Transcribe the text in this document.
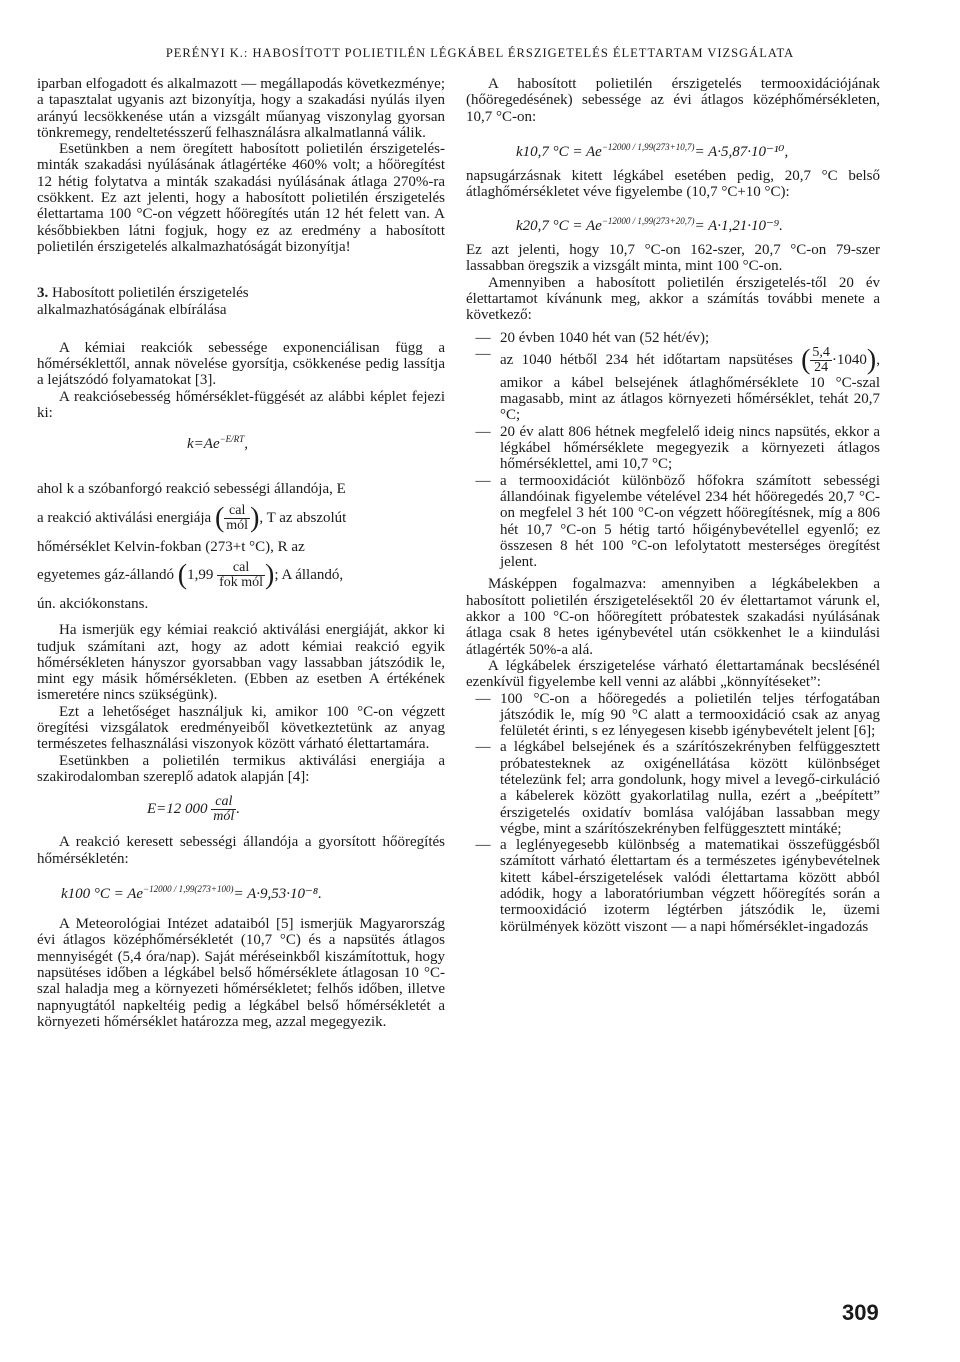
PERÉNYI K.: HABOSÍTOTT POLIETILÉN LÉGKÁBEL ÉRSZIGETELÉS ÉLETTARTAM VIZSGÁLATA

iparban elfogadott és alkalmazott — megállapodás következménye; a tapasztalat ugyanis azt bizonyítja, hogy a szakadási nyúlás ilyen arányú lecsökkenése után a vizsgált műanyag viszonylag gyorsan tönkremegy, rendeltetésszerű felhasználásra alkalmatlanná válik.

Esetünkben a nem öregített habosított polietilén érszigetelés-minták szakadási nyúlásának átlagértéke 460% volt; a hőöregítést 12 hétig folytatva a minták szakadási nyúlásának átlaga 270%-ra csökkent. Ez azt jelenti, hogy a habosított polietilén érszigetelés élettartama 100 °C-on végzett hőöregítés után 12 hét felett van. A későbbiekben látni fogjuk, hogy ez az eredmény a habosított polietilén érszigetelés alkalmazhatóságát bizonyítja!

3. Habosított polietilén érszigetelés
alkalmazhatóságának elbírálása

A kémiai reakciók sebessége exponenciálisan függ a hőmérséklettől, annak növelése gyorsítja, csökkenése pedig lassítja a lejátszódó folyamatokat [3].

A reakciósebesség hőmérséklet-függését az alábbi képlet fejezi ki:

$k=Ae^{-E/RT}$,

ahol k a szóbanforgó reakció sebességi állandója, E

a reakció aktiválási energiája ( $\frac{\text{cal}}{\text{mól}}$ ), T az abszolút

hőmérséklet Kelvin-fokban (273+t °C), R az

egyetemes gáz-állandó ($1,99 \frac{\text{cal}}{\text{fok mól}}$ ); A állandó,

ún. akciókonstans.

Ha ismerjük egy kémiai reakció aktiválási energiáját, akkor ki tudjuk számítani azt, hogy az adott kémiai reakció egyik hőmérsékleten hányszor gyorsabban vagy lassabban játszódik le, mint egy másik hőmérsékleten. (Ebben az esetben A értékének ismeretére nincs szükségünk).

Ezt a lehetőséget használjuk ki, amikor 100 °C-on végzett öregítési vizsgálatok eredményeiből következtetünk az anyag természetes felhasználási viszonyok között várható élettartamára.

Esetünkben a polietilén termikus aktiválási energiája a szakirodalomban szereplő adatok alapján [4]:

E=12 $000 \frac{\text{cal}}{\text{mól}}$ .

A reakció keresett sebességi állandója a gyorsított hőöregítés hőmérsékletén:

k100 $^\circ C = Ae^{-12000 / 1,99(273+100)}= A\cdot 9,53\cdot 10^{-8}$.

A Meteorológiai Intézet adataiból [5] ismerjük Magyarország évi átlagos középhőmérsékletét (10,7 °C) és a napsütés átlagos mennyiségét (5,4 óra/nap). Saját méréseinkből kiszámítottuk, hogy napsütéses időben a légkábel belső hőmérséklete átlagosan 10 °C-szal haladja meg a környezeti hőmérsékletet; felhős időben, illetve napnyugtától napkeltéig pedig a légkábel belső hőmérsékletét a környezeti hőmérséklet határozza meg, azzal megegyezik.

A habosított polietilén érszigetelés termooxidációjának (hőöregedésének) sebessége az évi átlagos középhőmérsékleten, 10,7 °C-on:

k10,7 $^\circ C = Ae^{-12000 / 1,99(273+10,7)}= A\cdot 5,87\cdot 10^{-10}$,

napsugárzásnak kitett légkábel esetében pedig, 20,7 °C belső átlaghőmérsékletet véve figyelembe (10,7 °C+10 °C):

k20,7 $^\circ C = Ae^{-12000 / 1,99(273+20,7)}= A\cdot 1,21\cdot 10^{-9}$.

Ez azt jelenti, hogy 10,7 °C-on 162-szer, 20,7 °C-on 79-szer lassabban öregszik a vizsgált minta, mint 100 °C-on.

Amennyiben a habosított polietilén érszigetelés-től 20 év élettartamot kívánunk meg, akkor a számítás további menete a következő:

— 20 évben 1040 hét van (52 hét/év);
— az 1040 hétből 234 hét időtartam napsütéses ( $\frac{5,4}{24} \cdot 1040$), amikor a kábel belsejének átlaghőmérséklete 10 °C-szal magasabb, mint az átlagos környezeti hőmérséklet, tehát 20,7 °C;
— 20 év alatt 806 hétnek megfelelő ideig nincs napsütés, ekkor a légkábel hőmérséklete megegyezik a környezeti átlagos hőmérséklettel, ami 10,7 °C;
— a termooxidációt különböző hőfokra számított sebességi állandóinak figyelembe vételével 234 hét hőöregedés 20,7 °C-on megfelel 3 hét 100 °C-on végzett hőöregítésnek, míg a 806 hét 10,7 °C-on 5 hétig tartó hőigénybevétellel egyenlő; ez összesen 8 hét 100 °C-on lefolytatott mesterséges öregítést jelent.

Másképpen fogalmazva: amennyiben a légkábelekben a habosított polietilén érszigetelésektől 20 év élettartamot várunk el, akkor a 100 °C-on hőöregített próbatestek szakadási nyúlásának átlaga csak 8 hetes igénybevétel után csökkenhet le a kiindulási átlagérték 50%-a alá.

A légkábelek érszigetelése várható élettartamának becslésénél ezenkívül figyelembe kell venni az alábbi „könnyítéseket”:

— 100 °C-on a hőöregedés a polietilén teljes térfogatában játszódik le, míg 90 °C alatt a termooxidáció csak az anyag felületét érinti, s ez lényegesen kisebb igénybevételt jelent [6];
— a légkábel belsejének és a szárítószekrényben felfüggesztett próbatesteknek az oxigénellátása között különbséget tételezünk fel; arra gondolunk, hogy mivel a levegő-cirkuláció a kábelerek között gyakorlatilag nulla, ezért a „beépített” érszigetelés oxidatív bomlása valójában lassabban megy végbe, mint a szárítószekrényben felfüggesztett mintáké;
— a leglényegesebb különbség a matematikai összefüggésből számított várható élettartam és a természetes igénybevételnek kitett kábel-érszigetelések valódi élettartama között abból adódik, hogy a laboratóriumban végzett hőöregítés során a termooxidáció izoterm légtérben játszódik le, üzemi körülmények között viszont — a napi hőmérséklet-ingadozás
309
